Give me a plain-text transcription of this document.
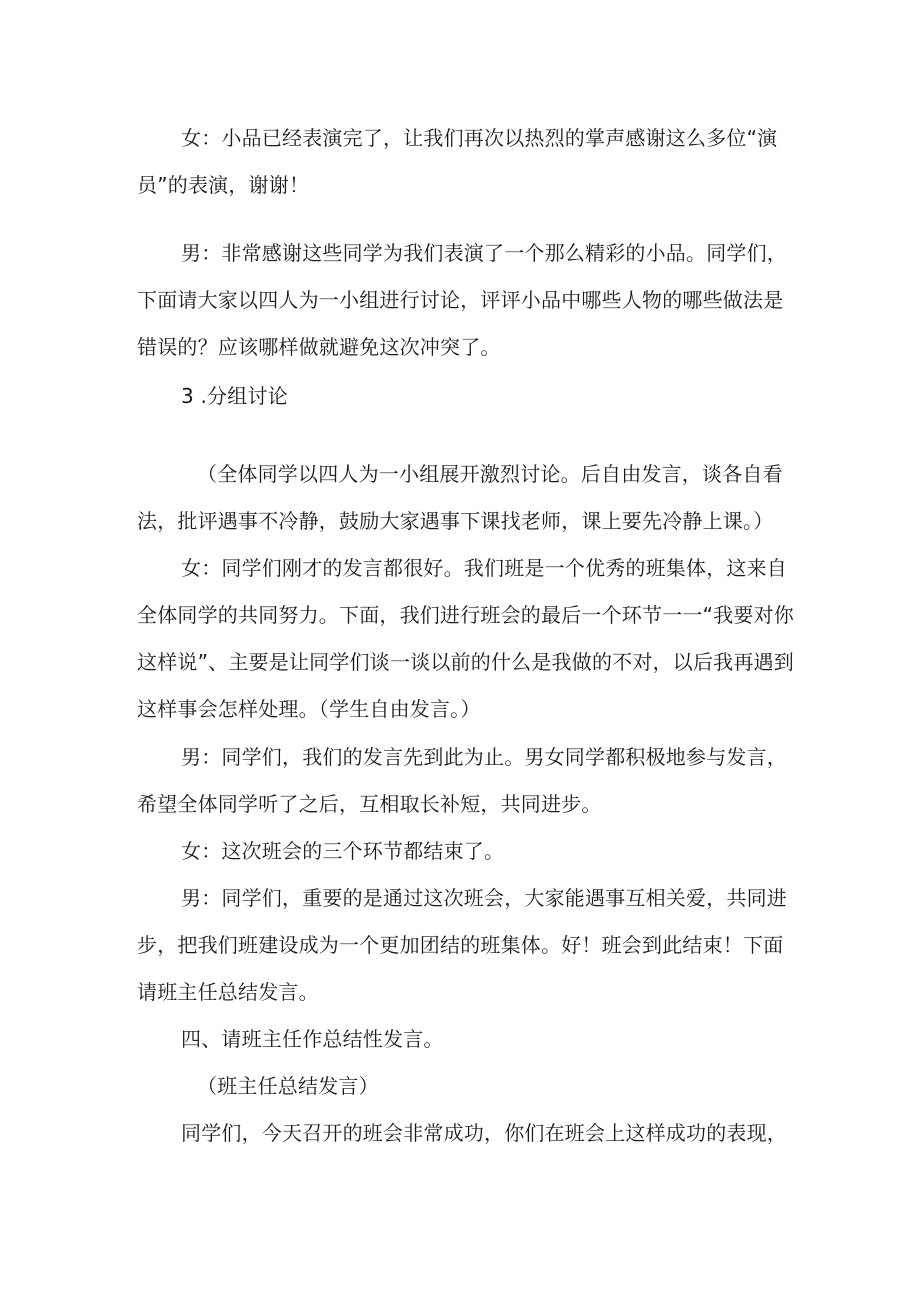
女：小品已经表演完了，让我们再次以热烈的掌声感谢这么多位“演员”的表演，谢谢！

男：非常感谢这些同学为我们表演了一个那么精彩的小品。同学们，下面请大家以四人为一小组进行讨论，评评小品中哪些人物的哪些做法是错误的？应该哪样做就避免这次冲突了。

3 .分组讨论

（全体同学以四人为一小组展开激烈讨论。后自由发言，谈各自看法，批评遇事不冷静，鼓励大家遇事下课找老师，课上要先冷静上课。）

女：同学们刚才的发言都很好。我们班是一个优秀的班集体，这来自全体同学的共同努力。下面，我们进行班会的最后一个环节一一“我要对你这样说”、主要是让同学们谈一谈以前的什么是我做的不对，以后我再遇到这样事会怎样处理。（学生自由发言。）

男：同学们，我们的发言先到此为止。男女同学都积极地参与发言，希望全体同学听了之后，互相取长补短，共同进步。

女：这次班会的三个环节都结束了。

男：同学们，重要的是通过这次班会，大家能遇事互相关爱，共同进步，把我们班建设成为一个更加团结的班集体。好！班会到此结束！下面请班主任总结发言。

四、请班主任作总结性发言。

（班主任总结发言）

同学们，今天召开的班会非常成功，你们在班会上这样成功的表现，
